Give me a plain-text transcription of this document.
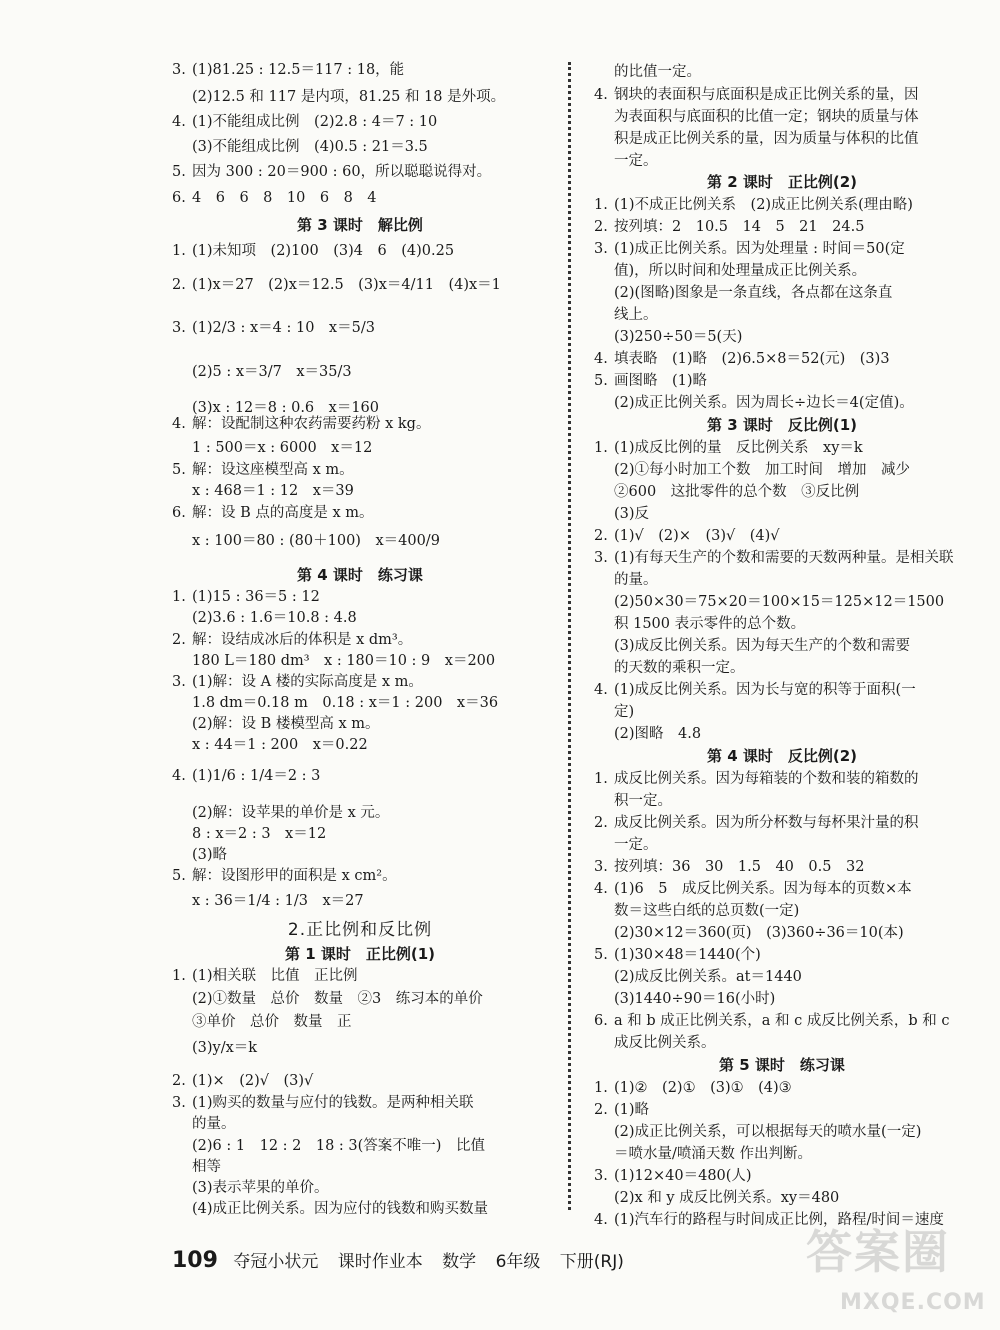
3. (1)81.25 : 12.5＝117 : 18，能
(2)12.5 和 117 是内项，81.25 和 18 是外项。
4. (1)不能组成比例　(2)2.8 : 4＝7 : 10
(3)不能组成比例　(4)0.5 : 21＝3.5
5. 因为 300 : 20＝900 : 60，所以聪聪说得对。
6. 4　6　6　8　10　6　8　4
第 3 课时　解比例
1. (1)未知项　(2)100　(3)4　6　(4)0.25
2. (1)x＝27　(2)x＝12.5　(3)x＝4/11　(4)x＝1
3. (1)2/3 : x＝4 : 10　x＝5/3
(2)5 : x＝3/7　x＝35/3
(3)x : 12＝8 : 0.6　x＝160
4. 解：设配制这种农药需要药粉 x kg。
1 : 500＝x : 6000　x＝12
5. 解：设这座模型高 x m。
x : 468＝1 : 12　x＝39
6. 解：设 B 点的高度是 x m。
x : 100＝80 : (80＋100)　x＝400/9
第 4 课时　练习课
1. (1)15 : 36＝5 : 12
(2)3.6 : 1.6＝10.8 : 4.8
2. 解：设结成冰后的体积是 x dm³。
180 L＝180 dm³　x : 180＝10 : 9　x＝200
3. (1)解：设 A 楼的实际高度是 x m。
1.8 dm＝0.18 m　0.18 : x＝1 : 200　x＝36
(2)解：设 B 楼模型高 x m。
x : 44＝1 : 200　x＝0.22
4. (1)1/6 : 1/4＝2 : 3
(2)解：设苹果的单价是 x 元。
8 : x＝2 : 3　x＝12
(3)略
5. 解：设图形甲的面积是 x cm²。
x : 36＝1/4 : 1/3　x＝27
2.正比例和反比例
第 1 课时　正比例(1)
1. (1)相关联　比值　正比例
(2)①数量　总价　数量　②3　练习本的单价
③单价　总价　数量　正
(3)y/x＝k
2. (1)×　(2)√　(3)√
3. (1)购买的数量与应付的钱数。是两种相关联
的量。
(2)6 : 1　12 : 2　18 : 3(答案不唯一)　比值
相等
(3)表示苹果的单价。
(4)成正比例关系。因为应付的钱数和购买数量
的比值一定。
4. 钢块的表面积与底面积是成正比例关系的量，因
为表面积与底面积的比值一定；钢块的质量与体
积是成正比例关系的量，因为质量与体积的比值
一定。
第 2 课时　正比例(2)
1. (1)不成正比例关系　(2)成正比例关系(理由略)
2. 按列填：2　10.5　14　5　21　24.5
3. (1)成正比例关系。因为处理量 : 时间＝50(定
值)，所以时间和处理量成正比例关系。
(2)(图略)图象是一条直线，各点都在这条直
线上。
(3)250÷50＝5(天)
4. 填表略　(1)略　(2)6.5×8＝52(元)　(3)3
5. 画图略　(1)略
(2)成正比例关系。因为周长÷边长＝4(定值)。
第 3 课时　反比例(1)
1. (1)成反比例的量　反比例关系　xy＝k
(2)①每小时加工个数　加工时间　增加　减少
②600　这批零件的总个数　③反比例
(3)反
2. (1)√　(2)×　(3)√　(4)√
3. (1)有每天生产的个数和需要的天数两种量。是相关联
的量。
(2)50×30＝75×20＝100×15＝125×12＝1500
积 1500 表示零件的总个数。
(3)成反比例关系。因为每天生产的个数和需要
的天数的乘积一定。
4. (1)成反比例关系。因为长与宽的积等于面积(一
定)
(2)图略　4.8
第 4 课时　反比例(2)
1. 成反比例关系。因为每箱装的个数和装的箱数的
积一定。
2. 成反比例关系。因为所分杯数与每杯果汁量的积
一定。
3. 按列填：36　30　1.5　40　0.5　32
4. (1)6　5　成反比例关系。因为每本的页数×本
数＝这些白纸的总页数(一定)
(2)30×12＝360(页)　(3)360÷36＝10(本)
5. (1)30×48＝1440(个)
(2)成反比例关系。at＝1440
(3)1440÷90＝16(小时)
6. a 和 b 成正比例关系，a 和 c 成反比例关系，b 和 c
成反比例关系。
第 5 课时　练习课
1. (1)②　(2)①　(3)①　(4)③
2. (1)略
(2)成正比例关系，可以根据每天的喷水量(一定)
＝喷水量/喷涌天数 作出判断。
3. (1)12×40＝480(人)
(2)x 和 y 成反比例关系。xy＝480
4. (1)汽车行的路程与时间成正比例，路程/时间＝速度
109 夺冠小状元 课时作业本 数学 6年级 下册(RJ)	答案圈
MXQE.COM
